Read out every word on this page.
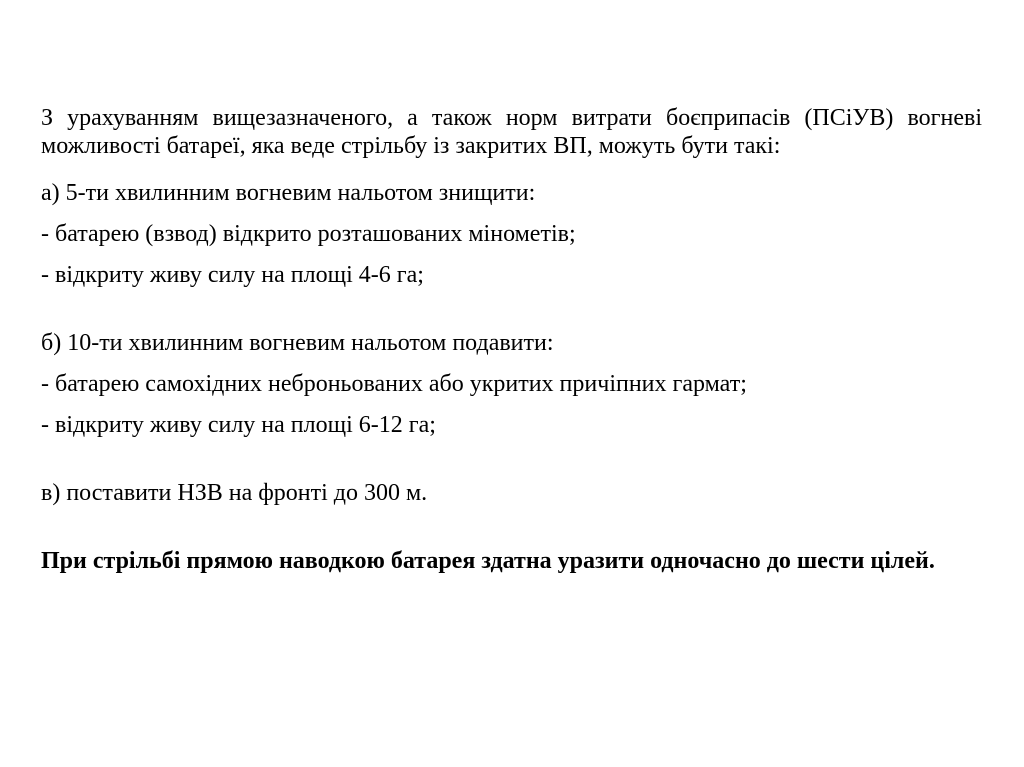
З урахуванням вищезазначеного, а також норм витрати боєприпасів (ПСіУВ) вогневі можливості батареї, яка веде стрільбу із закритих ВП, можуть бути такі:

а) 5-ти хвилинним вогневим нальотом знищити:

- батарею (взвод) відкрито розташованих мінометів;

- відкриту живу силу на площі 4-6 га;

б) 10-ти хвилинним вогневим нальотом подавити:

- батарею самохідних неброньованих або укритих причіпних гармат;

- відкриту живу силу на площі 6-12 га;

в) поставити НЗВ на фронті до 300 м.

При стрільбі прямою наводкою батарея здатна уразити одночасно до шести цілей.
